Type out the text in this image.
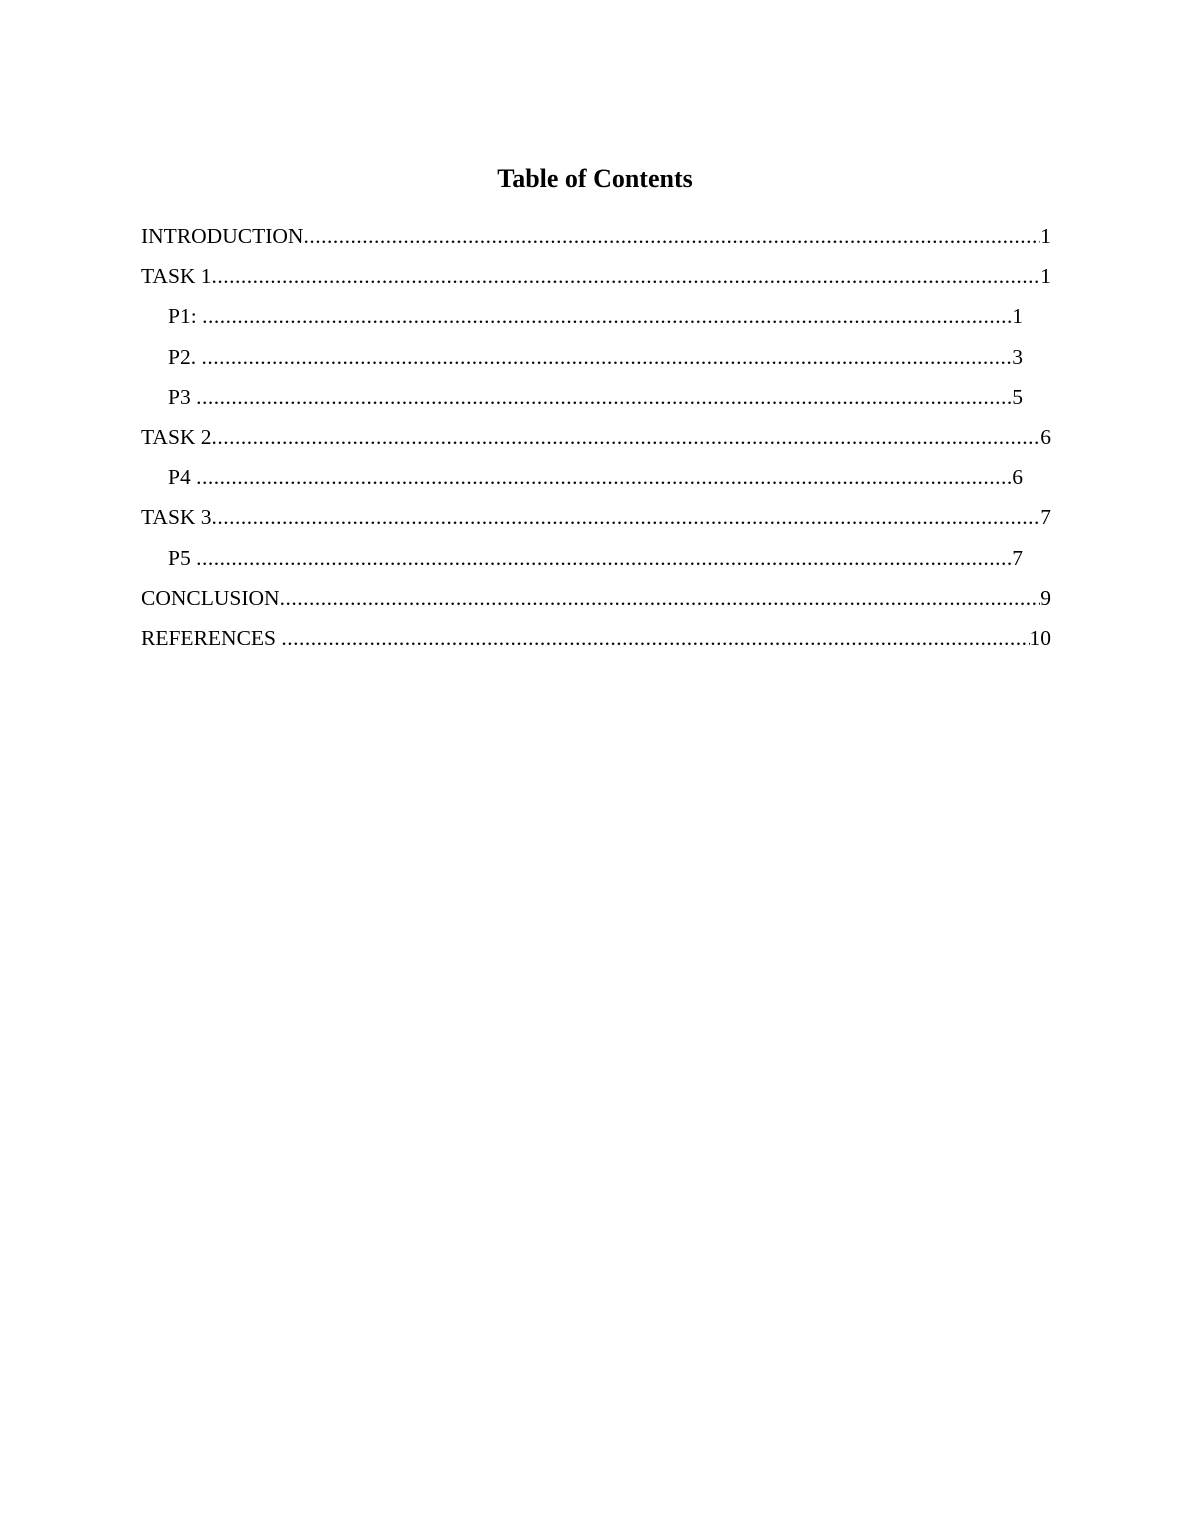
Table of Contents
INTRODUCTION .....	1
TASK 1 .....	1
P1: .....	1
P2. .....	3
P3 .....	5
TASK 2 .....	6
P4 .....	6
TASK 3 .....	7
P5 .....	7
CONCLUSION .....	9
REFERENCES .....	10
